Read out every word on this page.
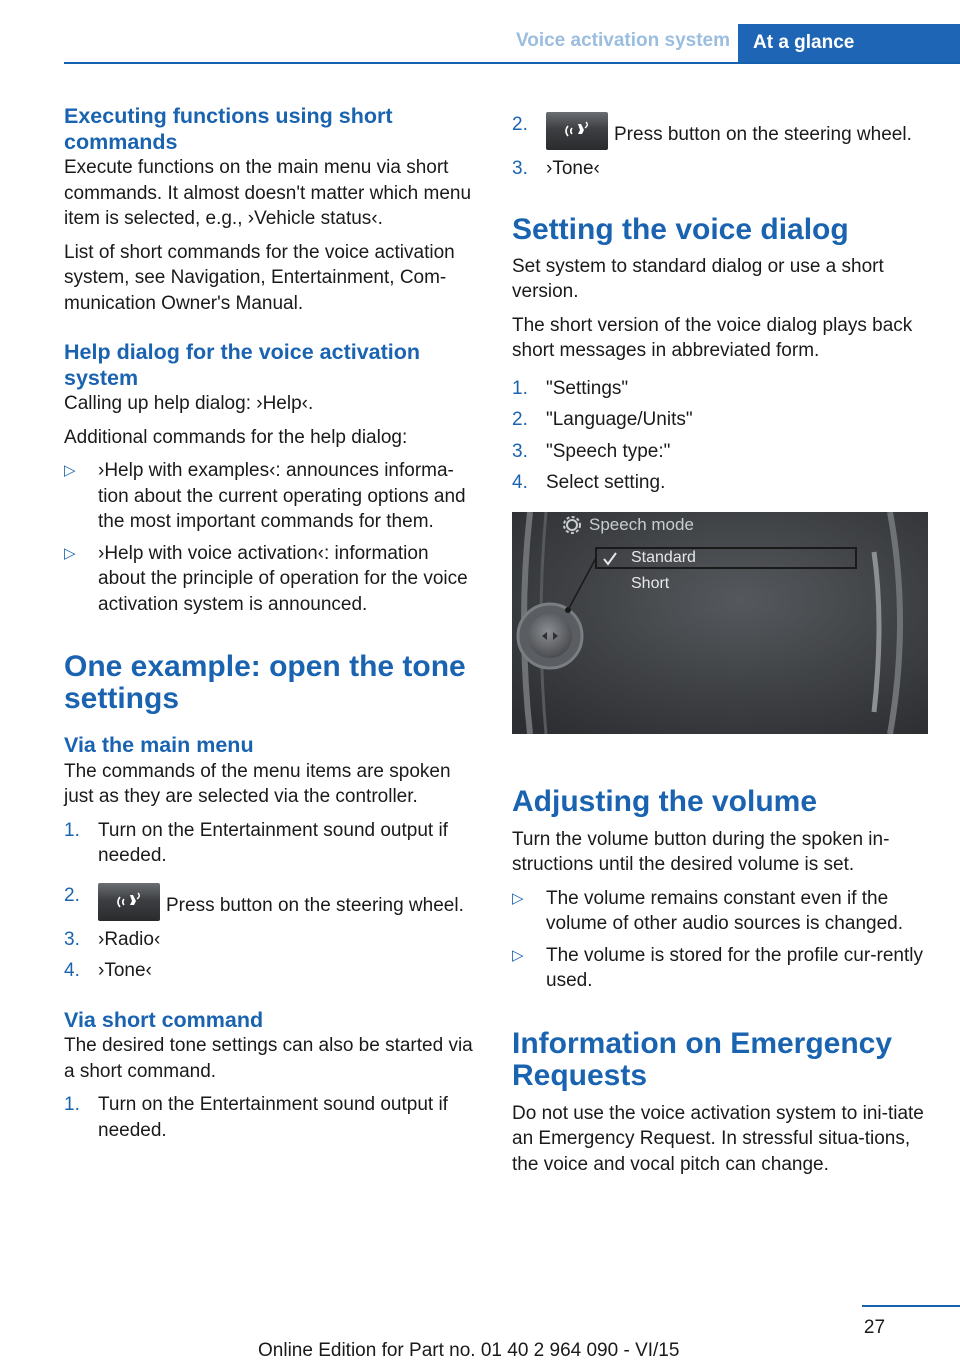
Voice activation system	At a glance
Executing functions using short commands
Execute functions on the main menu via short commands. It almost doesn't matter which menu item is selected, e.g., ›Vehicle status‹.
List of short commands for the voice activation system, see Navigation, Entertainment, Com-munication Owner's Manual.
Help dialog for the voice activation system
Calling up help dialog: ›Help‹.
Additional commands for the help dialog:
▷ ›Help with examples‹: announces informa-tion about the current operating options and the most important commands for them.
▷ ›Help with voice activation‹: information about the principle of operation for the voice activation system is announced.
One example: open the tone settings
Via the main menu
The commands of the menu items are spoken just as they are selected via the controller.
1. Turn on the Entertainment sound output if needed.
2.	Press button on the steering wheel.
3. ›Radio‹
4. ›Tone‹
Via short command
The desired tone settings can also be started via a short command.
1. Turn on the Entertainment sound output if needed.
2.	Press button on the steering wheel.
3. ›Tone‹
Setting the voice dialog
Set system to standard dialog or use a short version.
The short version of the voice dialog plays back short messages in abbreviated form.
1. "Settings"
2. "Language/Units"
3. "Speech type:"
4. Select setting.
Speech mode
Standard
Short
Adjusting the volume
Turn the volume button during the spoken in-structions until the desired volume is set.
▷ The volume remains constant even if the volume of other audio sources is changed.
▷ The volume is stored for the profile cur-rently used.
Information on Emergency Requests
Do not use the voice activation system to ini-tiate an Emergency Request. In stressful situa-tions, the voice and vocal pitch can change.
27
Online Edition for Part no. 01 40 2 964 090 - VI/15
